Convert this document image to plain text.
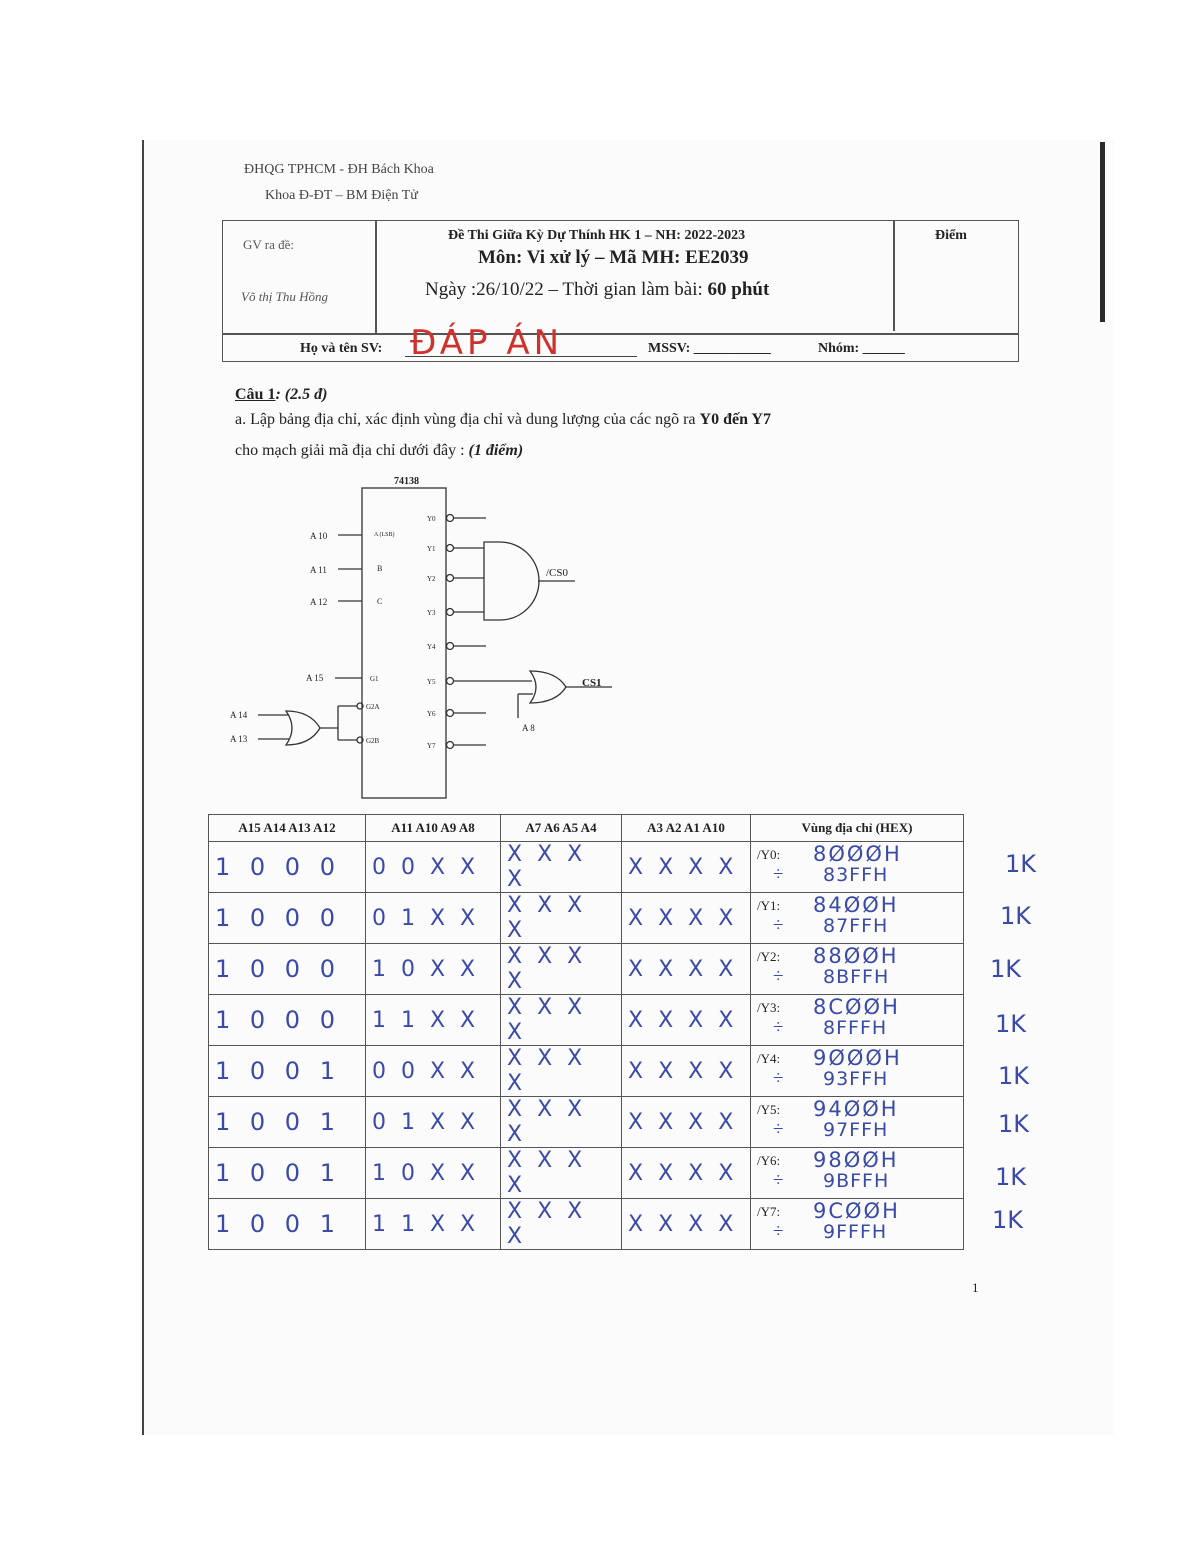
ĐHQG TPHCM - ĐH Bách Khoa
Khoa Đ-ĐT – BM Điện Tử
GV ra đề:
Võ thị Thu Hồng
Đề Thi Giữa Kỳ Dự Thính HK 1 – NH: 2022-2023
Môn: Vi xử lý – Mã MH: EE2039
Ngày :26/10/22 – Thời gian làm bài: 60 phút
Điểm
Họ và tên SV: ĐÁP ÁN	MSSV: ___________	Nhóm: ______
Câu 1: (2.5 đ)
a. Lập bảng địa chỉ, xác định vùng địa chỉ và dung lượng của các ngõ ra Y0 đến Y7
cho mạch giải mã địa chỉ dưới đây : (1 điểm)
74138
A 10
A 11
A 12
A 15
A 14
A 13
A (LSB)
B
C
G1
G2A
G2B
Y0
Y1
Y2
Y3
Y4
Y5
Y6
Y7
/CS0
CS1
A 8
A15 A14 A13 A12	A11 A10 A9 A8	A7 A6 A5 A4	A3 A2 A1 A10	Vùng địa chỉ (HEX)
1 0 0 0	0 0 X X	X X X X	X X X X	/Y0: 8ØØØH
÷ 83FFH

1 0 0 0	0 1 X X	X X X X	X X X X	/Y1: 84ØØH
÷ 87FFH

1 0 0 0	1 0 X X	X X X X	X X X X	/Y2: 88ØØH
÷ 8BFFH

1 0 0 0	1 1 X X	X X X X	X X X X	/Y3: 8CØØH
÷ 8FFFH

1 0 0 1	0 0 X X	X X X X	X X X X	/Y4: 9ØØØH
÷ 93FFH

1 0 0 1	0 1 X X	X X X X	X X X X	/Y5: 94ØØH
÷ 97FFH

1 0 0 1	1 0 X X	X X X X	X X X X	/Y6: 98ØØH
÷ 9BFFH

1 0 0 1	1 1 X X	X X X X	X X X X	/Y7: 9CØØH
÷ 9FFFH
1K
1K
1K
1K
1K
1K
1K
1K
1
